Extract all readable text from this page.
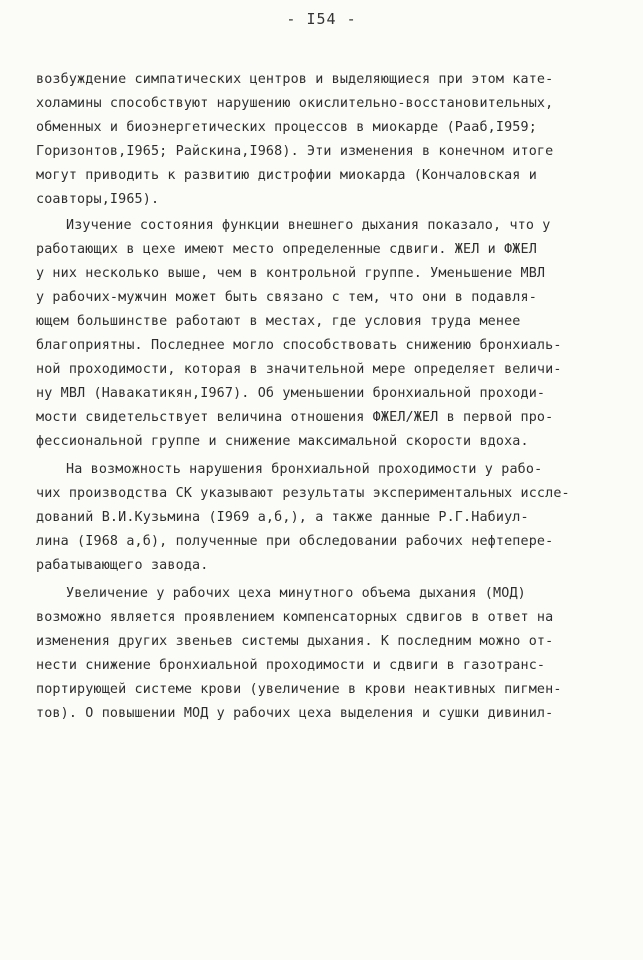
- I54 -
возбуждение симпатических центров и выделяющиеся при этом кате-
холамины способствуют нарушению окислительно-восстановительных,
обменных и биоэнергетических процессов в миокарде (Рааб,I959;
Горизонтов,I965; Райскина,I968). Эти изменения в конечном итоге
могут приводить к развитию дистрофии миокарда (Кончаловская и
соавторы,I965).
Изучение состояния функции внешнего дыхания показало, что у
работающих в цехе имеют место определенные сдвиги. ЖЕЛ и ФЖЕЛ
у них несколько выше, чем в контрольной группе. Уменьшение МВЛ
у рабочих-мужчин может быть связано с тем, что они в подавля-
ющем большинстве работают в местах, где условия труда менее
благоприятны. Последнее могло способствовать снижению бронхиаль-
ной проходимости, которая в значительной мере определяет величи-
ну МВЛ (Навакатикян,I967). Об уменьшении бронхиальной проходи-
мости свидетельствует величина отношения ФЖЕЛ/ЖЕЛ в первой про-
фессиональной группе и снижение максимальной скорости вдоха.
На возможность нарушения бронхиальной проходимости у рабо-
чих производства СК указывают результаты экспериментальных иссле-
дований В.И.Кузьмина (I969 а,б,), а также данные Р.Г.Набиул-
лина (I968 а,б), полученные при обследовании рабочих нефтепере-
рабатывающего завода.
Увеличение у рабочих цеха минутного объема дыхания (МОД)
возможно является проявлением компенсаторных сдвигов в ответ на
изменения других звеньев системы дыхания. К последним можно от-
нести снижение бронхиальной проходимости и сдвиги в газотранс-
портирующей системе крови (увеличение в крови неактивных пигмен-
тов). О повышении МОД у рабочих цеха выделения и сушки дивинил-
